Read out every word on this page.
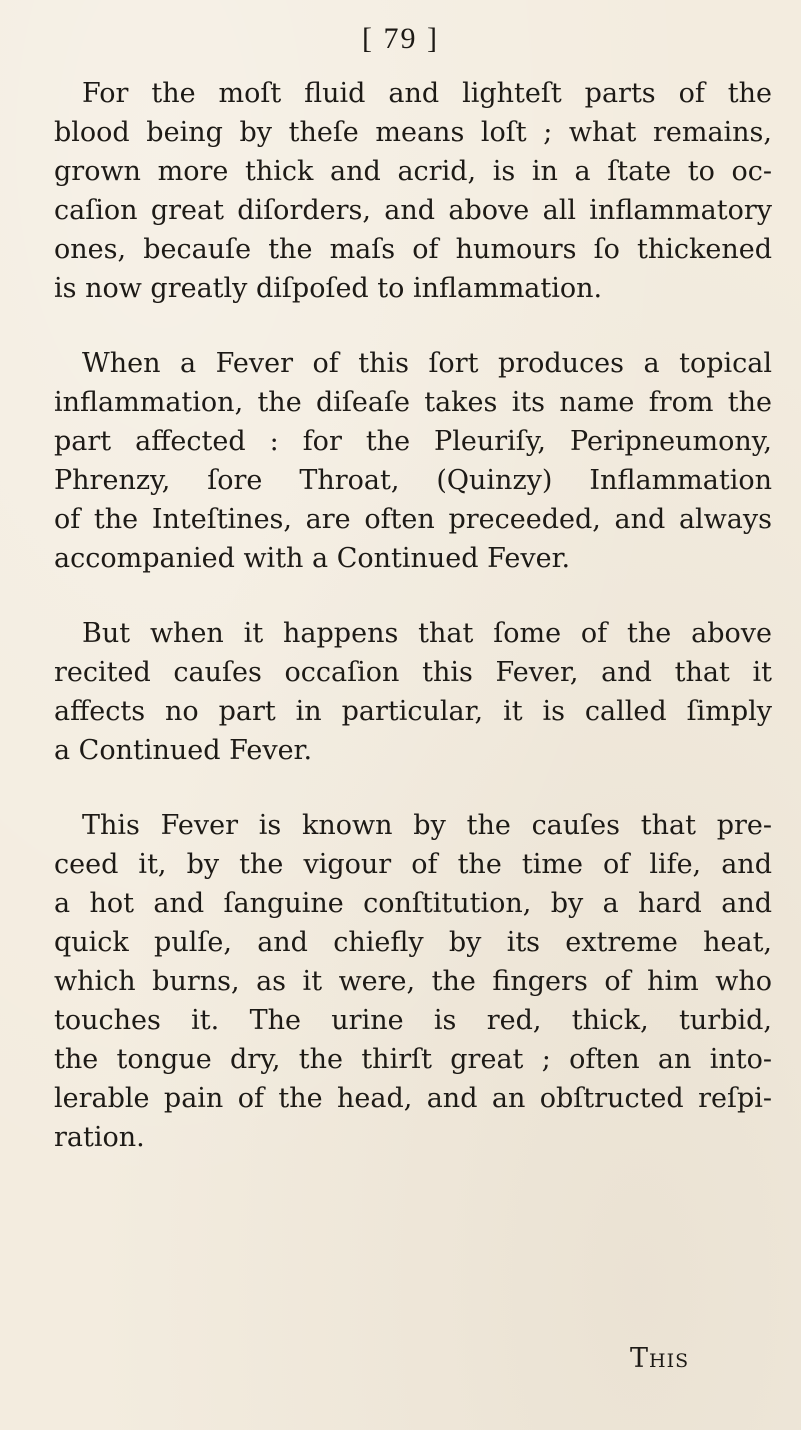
[ 79 ]
For the moſt fluid and lighteſt parts of the
blood being by theſe means loſt ; what remains,
grown more thick and acrid, is in a ſtate to oc-
caſion great diſorders, and above all inflammatory
ones, becauſe the maſs of humours ſo thickened
is now greatly diſpoſed to inflammation.
When a Fever of this ſort produces a topical
inflammation, the diſeaſe takes its name from the
part affected : for the Pleuriſy, Peripneumony,
Phrenzy, ſore Throat, (Quinzy) Inflammation
of the Inteſtines, are often preceeded, and always
accompanied with a Continued Fever.
But when it happens that ſome of the above
recited cauſes occaſion this Fever, and that it
affects no part in particular, it is called ſimply
a Continued Fever.
This Fever is known by the cauſes that pre-
ceed it, by the vigour of the time of life, and
a hot and ſanguine conſtitution, by a hard and
quick pulſe, and chiefly by its extreme heat,
which burns, as it were, the fingers of him who
touches it. The urine is red, thick, turbid,
the tongue dry, the thirſt great ; often an into-
lerable pain of the head, and an obſtructed reſpi-
ration.
This
